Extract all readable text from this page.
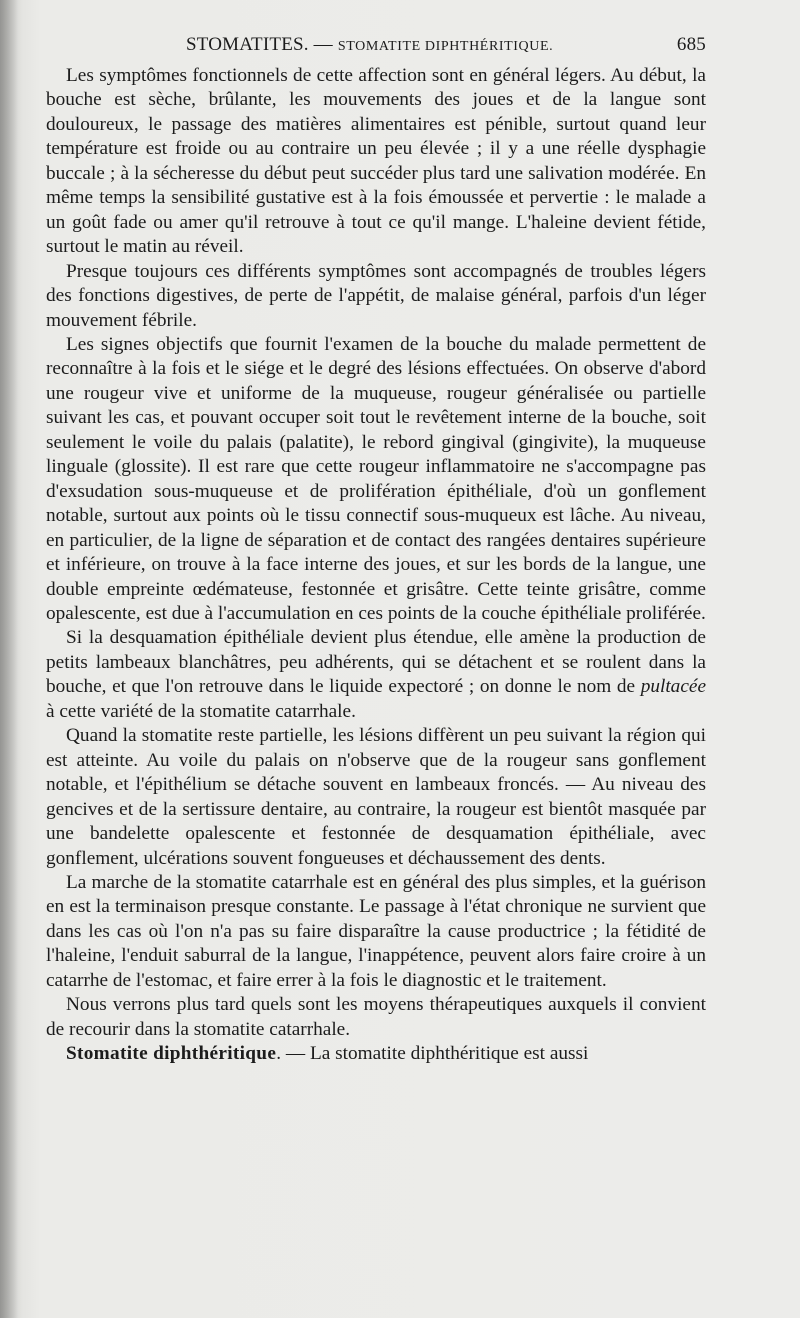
STOMATITES. — STOMATITE DIPHTHÉRITIQUE.	685

Les symptômes fonctionnels de cette affection sont en général légers. Au début, la bouche est sèche, brûlante, les mouvements des joues et de la langue sont douloureux, le passage des matières alimentaires est pénible, surtout quand leur température est froide ou au contraire un peu élevée ; il y a une réelle dysphagie buccale ; à la sécheresse du début peut succéder plus tard une salivation modérée. En même temps la sensibilité gustative est à la fois émoussée et pervertie : le malade a un goût fade ou amer qu'il retrouve à tout ce qu'il mange. L'haleine devient fétide, surtout le matin au réveil.

Presque toujours ces différents symptômes sont accompagnés de troubles légers des fonctions digestives, de perte de l'appétit, de malaise général, parfois d'un léger mouvement fébrile.

Les signes objectifs que fournit l'examen de la bouche du malade permettent de reconnaître à la fois et le siége et le degré des lésions effectuées. On observe d'abord une rougeur vive et uniforme de la muqueuse, rougeur généralisée ou partielle suivant les cas, et pouvant occuper soit tout le revêtement interne de la bouche, soit seulement le voile du palais (palatite), le rebord gingival (gingivite), la muqueuse linguale (glossite). Il est rare que cette rougeur inflammatoire ne s'accompagne pas d'exsudation sous-muqueuse et de prolifération épithéliale, d'où un gonflement notable, surtout aux points où le tissu connectif sous-muqueux est lâche. Au niveau, en particulier, de la ligne de séparation et de contact des rangées dentaires supérieure et inférieure, on trouve à la face interne des joues, et sur les bords de la langue, une double empreinte œdémateuse, festonnée et grisâtre. Cette teinte grisâtre, comme opalescente, est due à l'accumulation en ces points de la couche épithéliale proliférée.

Si la desquamation épithéliale devient plus étendue, elle amène la production de petits lambeaux blanchâtres, peu adhérents, qui se détachent et se roulent dans la bouche, et que l'on retrouve dans le liquide expectoré ; on donne le nom de pultacée à cette variété de la stomatite catarrhale.

Quand la stomatite reste partielle, les lésions diffèrent un peu suivant la région qui est atteinte. Au voile du palais on n'observe que de la rougeur sans gonflement notable, et l'épithélium se détache souvent en lambeaux froncés. — Au niveau des gencives et de la sertissure dentaire, au contraire, la rougeur est bientôt masquée par une bandelette opalescente et festonnée de desquamation épithéliale, avec gonflement, ulcérations souvent fongueuses et déchaussement des dents.

La marche de la stomatite catarrhale est en général des plus simples, et la guérison en est la terminaison presque constante. Le passage à l'état chronique ne survient que dans les cas où l'on n'a pas su faire disparaître la cause productrice ; la fétidité de l'haleine, l'enduit saburral de la langue, l'inappétence, peuvent alors faire croire à un catarrhe de l'estomac, et faire errer à la fois le diagnostic et le traitement.

Nous verrons plus tard quels sont les moyens thérapeutiques auxquels il convient de recourir dans la stomatite catarrhale.

Stomatite diphthéritique. — La stomatite diphthéritique est aussi
